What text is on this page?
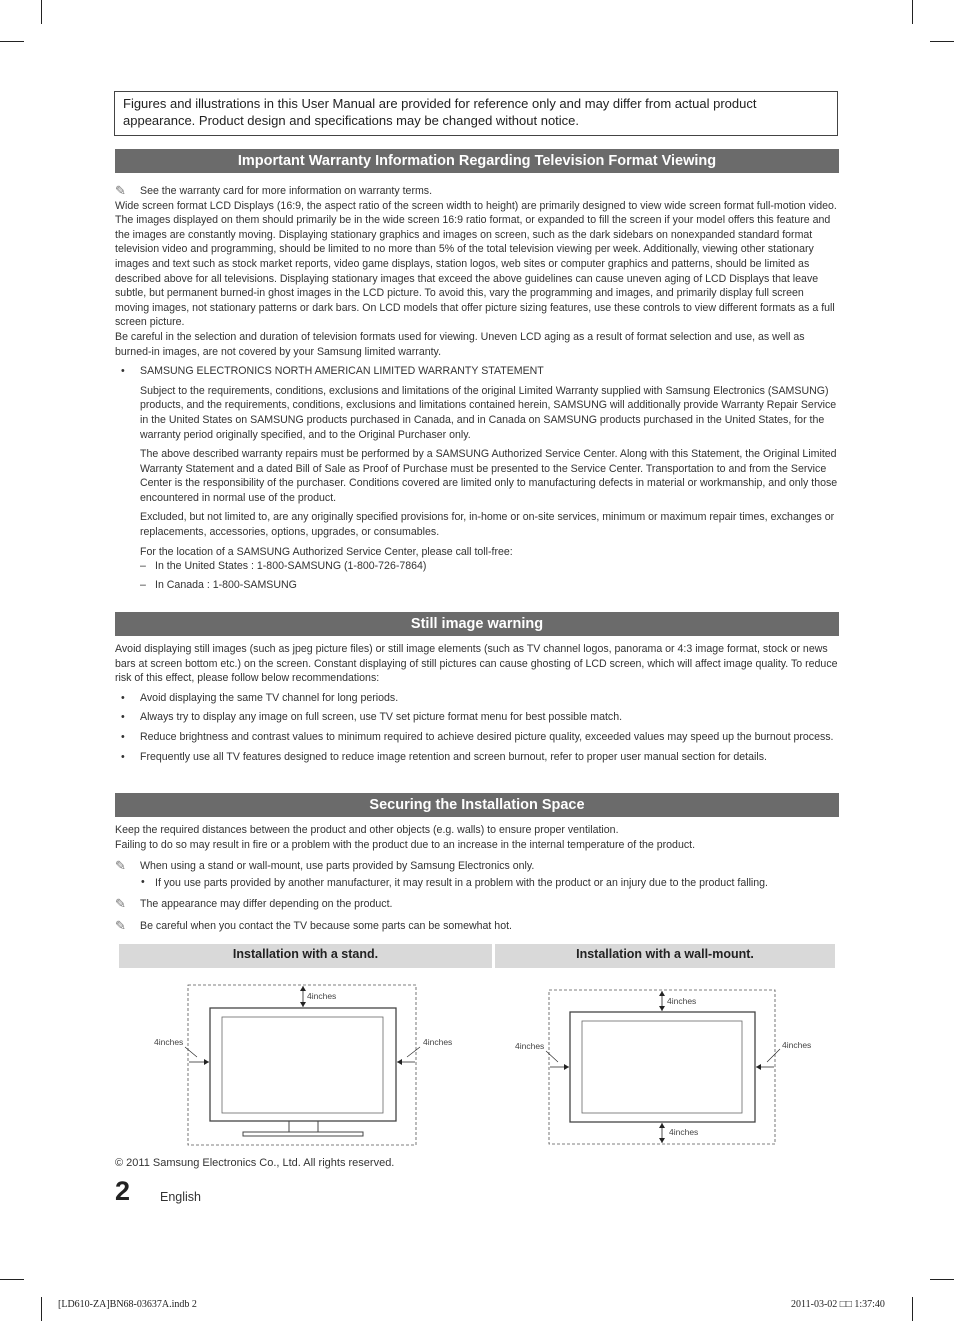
Figures and illustrations in this User Manual are provided for reference only and may differ from actual product appearance. Product design and specifications may be changed without notice.
Important Warranty Information Regarding Television Format Viewing

✎ See the warranty card for more information on warranty terms.

Wide screen format LCD Displays (16:9, the aspect ratio of the screen width to height) are primarily designed to view wide screen format full-motion video. The images displayed on them should primarily be in the wide screen 16:9 ratio format, or expanded to fill the screen if your model offers this feature and the images are constantly moving. Displaying stationary graphics and images on screen, such as the dark sidebars on nonexpanded standard format television video and programming, should be limited to no more than 5% of the total television viewing per week. Additionally, viewing other stationary images and text such as stock market reports, video game displays, station logos, web sites or computer graphics and patterns, should be limited as described above for all televisions. Displaying stationary images that exceed the above guidelines can cause uneven aging of LCD Displays that leave subtle, but permanent burned-in ghost images in the LCD picture. To avoid this, vary the programming and images, and primarily display full screen moving images, not stationary patterns or dark bars. On LCD models that offer picture sizing features, use these controls to view different formats as a full screen picture.

Be careful in the selection and duration of television formats used for viewing. Uneven LCD aging as a result of format selection and use, as well as burned-in images, are not covered by your Samsung limited warranty.

• SAMSUNG ELECTRONICS NORTH AMERICAN LIMITED WARRANTY STATEMENT

Subject to the requirements, conditions, exclusions and limitations of the original Limited Warranty supplied with Samsung Electronics (SAMSUNG) products, and the requirements, conditions, exclusions and limitations contained herein, SAMSUNG will additionally provide Warranty Repair Service in the United States on SAMSUNG products purchased in Canada, and in Canada on SAMSUNG products purchased in the United States, for the warranty period originally specified, and to the Original Purchaser only.

The above described warranty repairs must be performed by a SAMSUNG Authorized Service Center. Along with this Statement, the Original Limited Warranty Statement and a dated Bill of Sale as Proof of Purchase must be presented to the Service Center. Transportation to and from the Service Center is the responsibility of the purchaser. Conditions covered are limited only to manufacturing defects in material or workmanship, and only those encountered in normal use of the product.

Excluded, but not limited to, are any originally specified provisions for, in-home or on-site services, minimum or maximum repair times, exchanges or replacements, accessories, options, upgrades, or consumables.

For the location of a SAMSUNG Authorized Service Center, please call toll-free:

– In the United States : 1-800-SAMSUNG (1-800-726-7864)

– In Canada : 1-800-SAMSUNG

Still image warning

Avoid displaying still images (such as jpeg picture files) or still image elements (such as TV channel logos, panorama or 4:3 image format, stock or news bars at screen bottom etc.) on the screen. Constant displaying of still pictures can cause ghosting of LCD screen, which will affect image quality. To reduce risk of this effect, please follow below recommendations:

• Avoid displaying the same TV channel for long periods.

• Always try to display any image on full screen, use TV set picture format menu for best possible match.

• Reduce brightness and contrast values to minimum required to achieve desired picture quality, exceeded values may speed up the burnout process.

• Frequently use all TV features designed to reduce image retention and screen burnout, refer to proper user manual section for details.

Securing the Installation Space

Keep the required distances between the product and other objects (e.g. walls) to ensure proper ventilation.

Failing to do so may result in fire or a problem with the product due to an increase in the internal temperature of the product.

✎ When using a stand or wall-mount, use parts provided by Samsung Electronics only.

• If you use parts provided by another manufacturer, it may result in a problem with the product or an injury due to the product falling.

✎ The appearance may differ depending on the product.

✎ Be careful when you contact the TV because some parts can be somewhat hot.

Installation with a stand.	Installation with a wall-mount.
4inches
4inches	4inches
4inches
4inches	4inches
4inches
© 2011 Samsung Electronics Co., Ltd. All rights reserved.
2 English
[LD610-ZA]BN68-03637A.indb 2	2011-03-02 □□ 1:37:40
